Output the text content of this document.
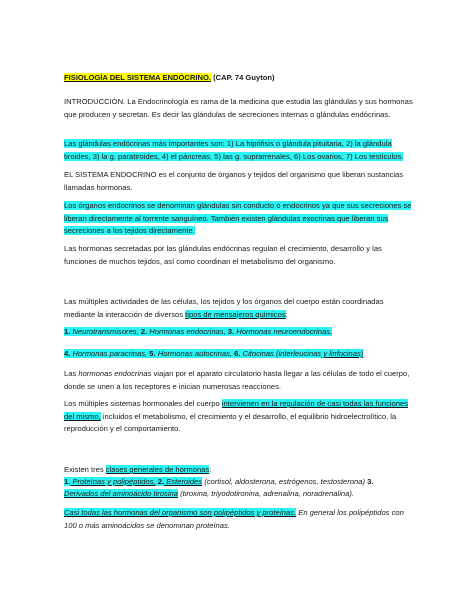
FISIOLOGÍA DEL SISTEMA ENDÓCRINO. (CAP. 74 Guyton)
INTRODUCCIÓN. La Endocrinología es rama de la medicina que estudia las glándulas y sus hormonas que producen y secretan. Es decir las glándulas de secreciones internas o glándulas endócrinas.
Las glándulas endócrinas más importantes son: 1) La hipófisis o glándula pituitaria, 2) la glándula tiroides, 3) la g. paratiroides, 4) el páncreas, 5) las g. suprarrenales, 6) Los ovarios, 7) Los testículos.
EL SISTEMA ENDOCRINO es el conjunto de órganos y tejidos del organismo que liberan sustancias llamadas hormonas.
Los órganos endocrinos se denominan glándulas sin conducto o endocrinos ya que sus secreciones se liberan directamente al torrente sanguíneo. También existen glándulas exocrinas que liberan sus secreciones a los tejidos directamente.
Las hormonas secretadas por las glándulas endócrinas regulan el crecimiento, desarrollo y las funciones de muchos tejidos, así como coordinan el metabolismo del organismo.
Las múltiples actividades de las células, los tejidos y los órganos del cuerpo están coordinadas mediante la interacción de diversos tipos de mensajeros químicos:
1. Neurotransmisores, 2. Hormonas endocrinas, 3. Hormonas neuroendocrinas,
4. Hormonas paracrinas, 5. Hormonas autocrinas, 6. Citocinas (interleucinas y linfocinas)
Las hormonas endocrinas viajan por el aparato circulatorio hasta llegar a las células de todo el cuerpo, donde se unen a los receptores e inician numerosas reacciones.
Los múltiples sistemas hormonales del cuerpo intervienen en la regulación de casi todas las funciones del mismo, incluidos el metabolismo, el crecimiento y el desarrollo, el equilibrio hidroelectrolítico, la reproducción y el comportamiento.
Existen tres clases generales de hormonas:
1. Proteínas y polipéptidos, 2. Esteroides (cortisol, aldosterona, estrógenos, testosterona) 3.
Derivados del aminoácido tirosina (tiroxina, triyodotironina, adrenalina, noradrenalina).
Casi todas las hormonas del organismo son polipéptidos y proteínas. En general los polipéptidos con 100 o más aminoácidos se denominan proteínas.
